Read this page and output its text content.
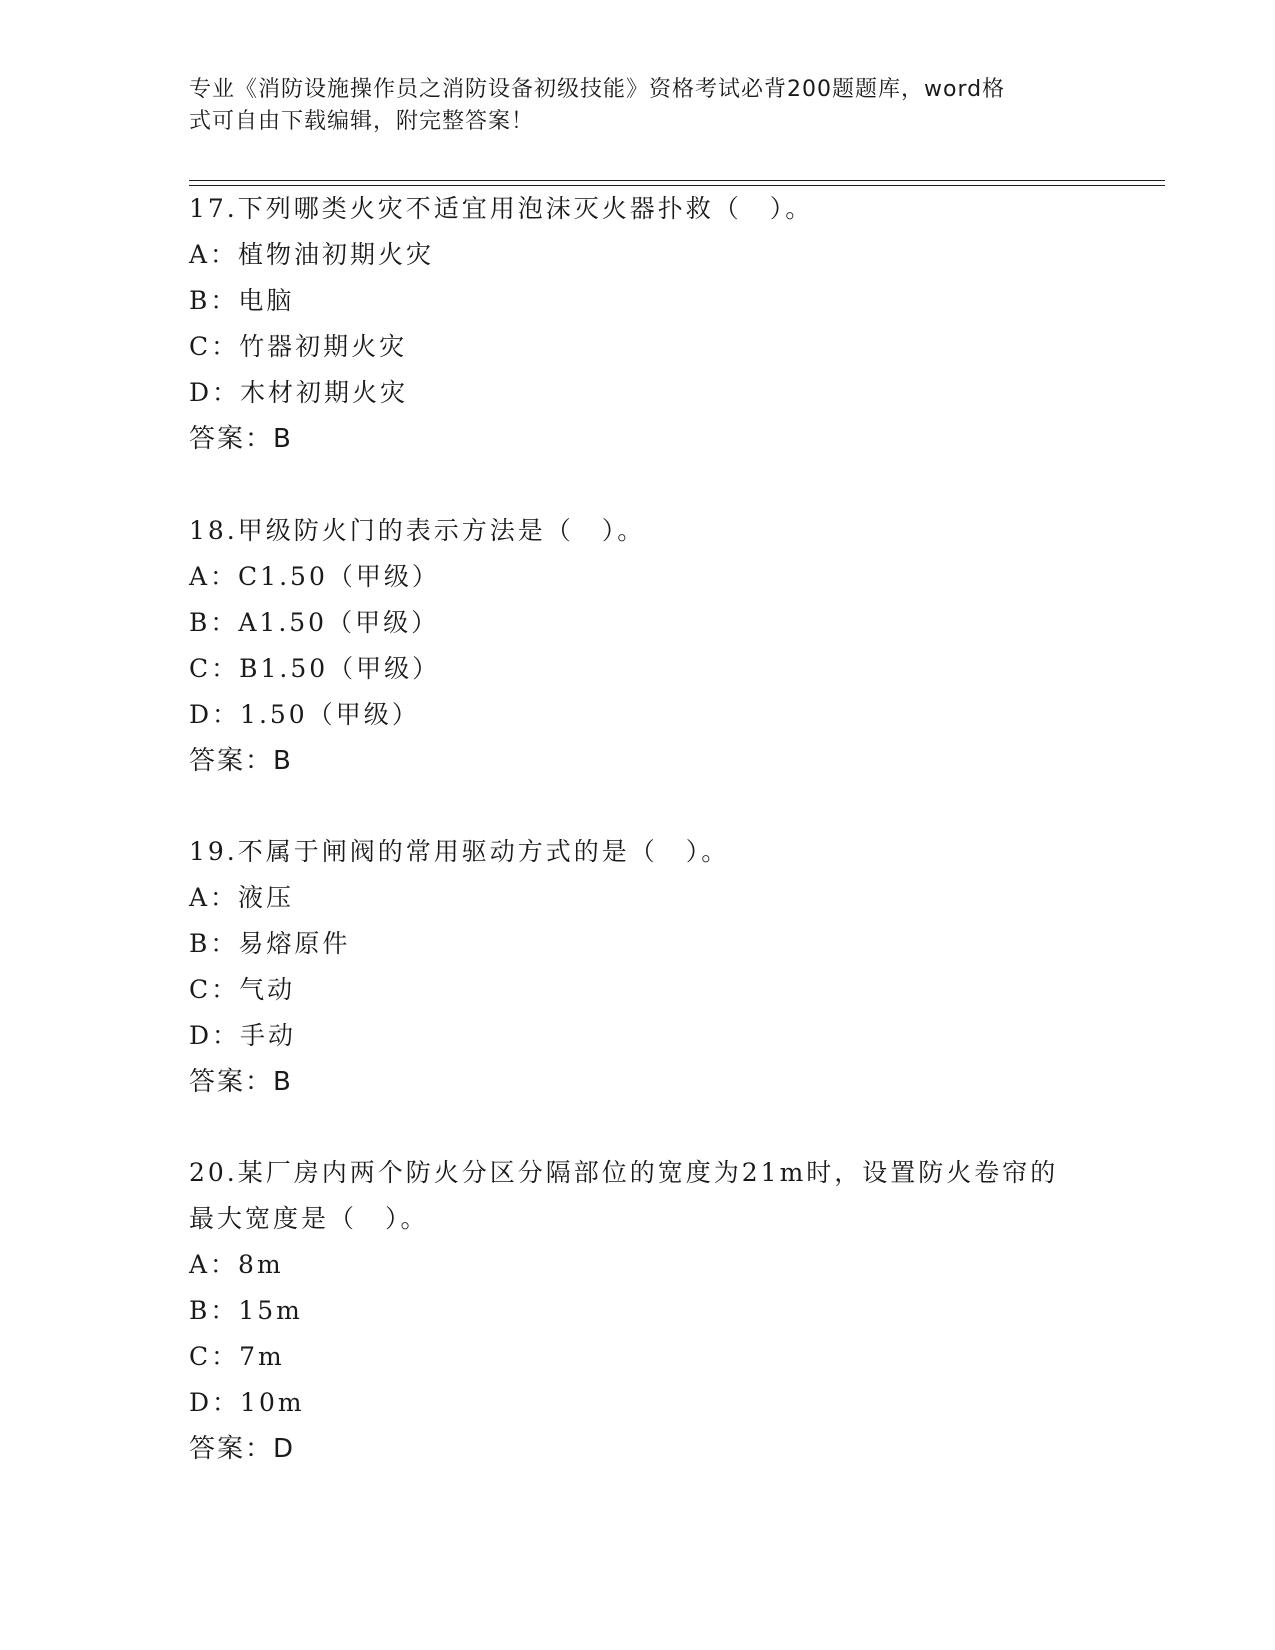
专业《消防设施操作员之消防设备初级技能》资格考试必背200题题库，word格
式可自由下载编辑，附完整答案！
17.下列哪类火灾不适宜用泡沫灭火器扑救（　）。
A：植物油初期火灾
B：电脑
C：竹器初期火灾
D：木材初期火灾
答案：B
18.甲级防火门的表示方法是（　）。
A：C1.50（甲级）
B：A1.50（甲级）
C：B1.50（甲级）
D：1.50（甲级）
答案：B
19.不属于闸阀的常用驱动方式的是（　）。
A：液压
B：易熔原件
C：气动
D：手动
答案：B
20.某厂房内两个防火分区分隔部位的宽度为21m时，设置防火卷帘的
最大宽度是（　）。
A：8m
B：15m
C：7m
D：10m
答案：D
